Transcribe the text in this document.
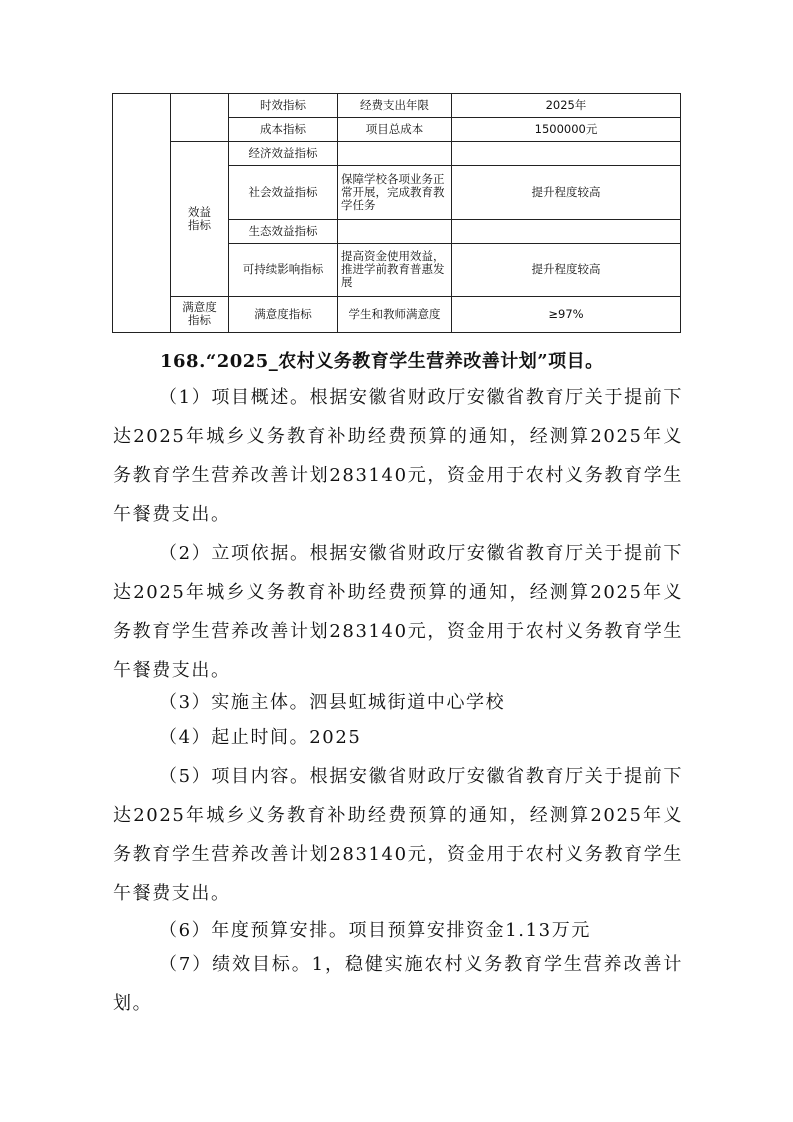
		时效指标	经费支出年限	2025年
		成本指标	项目总成本	1500000元
	效益指标	经济效益指标		
		社会效益指标	保障学校各项业务正常开展，完成教育教学任务	提升程度较高
		生态效益指标		
		可持续影响指标	提高资金使用效益，推进学前教育普惠发展	提升程度较高
	满意度指标	满意度指标	学生和教师满意度	≥97%
168.“2025_农村义务教育学生营养改善计划”项目。
（1）项目概述。根据安徽省财政厅安徽省教育厅关于提前下达2025年城乡义务教育补助经费预算的通知，经测算2025年义务教育学生营养改善计划283140元，资金用于农村义务教育学生午餐费支出。
（2）立项依据。根据安徽省财政厅安徽省教育厅关于提前下达2025年城乡义务教育补助经费预算的通知，经测算2025年义务教育学生营养改善计划283140元，资金用于农村义务教育学生午餐费支出。
（3）实施主体。泗县虹城街道中心学校
（4）起止时间。2025
（5）项目内容。根据安徽省财政厅安徽省教育厅关于提前下达2025年城乡义务教育补助经费预算的通知，经测算2025年义务教育学生营养改善计划283140元，资金用于农村义务教育学生午餐费支出。
（6）年度预算安排。项目预算安排资金1.13万元
（7）绩效目标。1，稳健实施农村义务教育学生营养改善计划。
